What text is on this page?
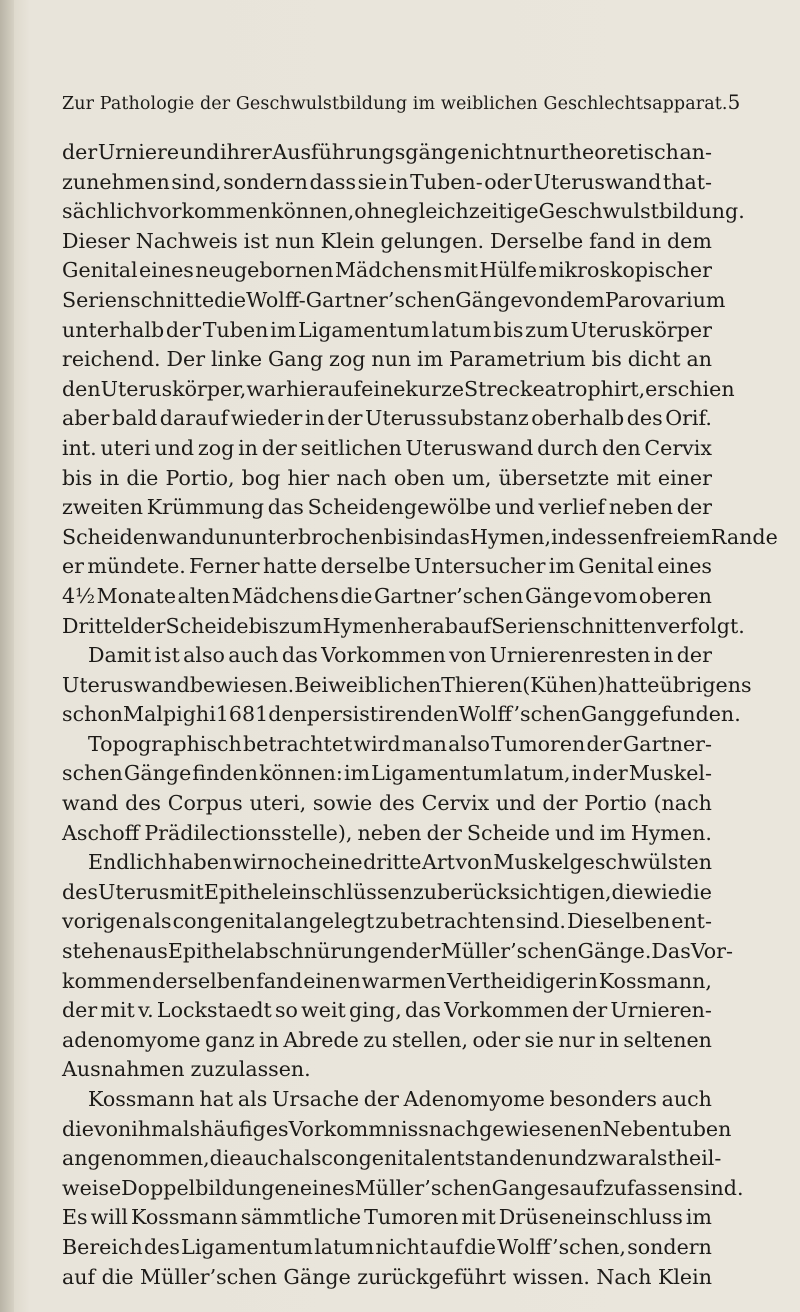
Zur Pathologie der Geschwulstbildung im weiblichen Geschlechtsapparat. 5
der Urniere und ihrer Ausführungsgänge nicht nur theoretisch an-
zunehmen sind, sondern dass sie in Tuben- oder Uteruswand that-
sächlich vorkommen können, ohne gleichzeitige Geschwulstbildung.
Dieser Nachweis ist nun Klein gelungen. Derselbe fand in dem
Genital eines neugebornen Mädchens mit Hülfe mikroskopischer
Serienschnitte die Wolff-Gartner’schen Gänge von dem Parovarium
unterhalb der Tuben im Ligamentum latum bis zum Uteruskörper
reichend. Der linke Gang zog nun im Parametrium bis dicht an
den Uteruskörper, war hier auf eine kurze Strecke atrophirt, erschien
aber bald darauf wieder in der Uterussubstanz oberhalb des Orif.
int. uteri und zog in der seitlichen Uteruswand durch den Cervix
bis in die Portio, bog hier nach oben um, übersetzte mit einer
zweiten Krümmung das Scheidengewölbe und verlief neben der
Scheidenwand ununterbrochen bis in das Hymen, in dessen freiem Rande
er mündete. Ferner hatte derselbe Untersucher im Genital eines
4½ Monate alten Mädchens die Gartner’schen Gänge vom oberen
Drittel der Scheide bis zum Hymen herab auf Serienschnitten verfolgt.
Damit ist also auch das Vorkommen von Urnierenresten in der
Uteruswand bewiesen. Bei weiblichen Thieren (Kühen) hatte übrigens
schon Malpighi 1681 den persistirenden Wolff’schen Gang gefunden.
Topographisch betrachtet wird man also Tumoren der Gartner-
schen Gänge finden können: im Ligamentum latum, in der Muskel-
wand des Corpus uteri, sowie des Cervix und der Portio (nach
Aschoff Prädilectionsstelle), neben der Scheide und im Hymen.
Endlich haben wir noch eine dritte Art von Muskelgeschwülsten
des Uterus mit Epitheleinschlüssen zu berücksichtigen, die wie die
vorigen als congenital angelegt zu betrachten sind. Dieselben ent-
stehen aus Epithelabschnürungen der Müller’schen Gänge. Das Vor-
kommen derselben fand einen warmen Vertheidiger in Kossmann,
der mit v. Lockstaedt so weit ging, das Vorkommen der Urnieren-
adenomyome ganz in Abrede zu stellen, oder sie nur in seltenen
Ausnahmen zuzulassen.
Kossmann hat als Ursache der Adenomyome besonders auch
die von ihm als häufiges Vorkommniss nachgewiesenen Nebentuben
angenommen, die auch als congenital entstanden und zwar als theil-
weise Doppelbildungen eines Müller’schen Ganges aufzufassen sind.
Es will Kossmann sämmtliche Tumoren mit Drüseneinschluss im
Bereich des Ligamentum latum nicht auf die Wolff’schen, sondern
auf die Müller’schen Gänge zurückgeführt wissen. Nach Klein
